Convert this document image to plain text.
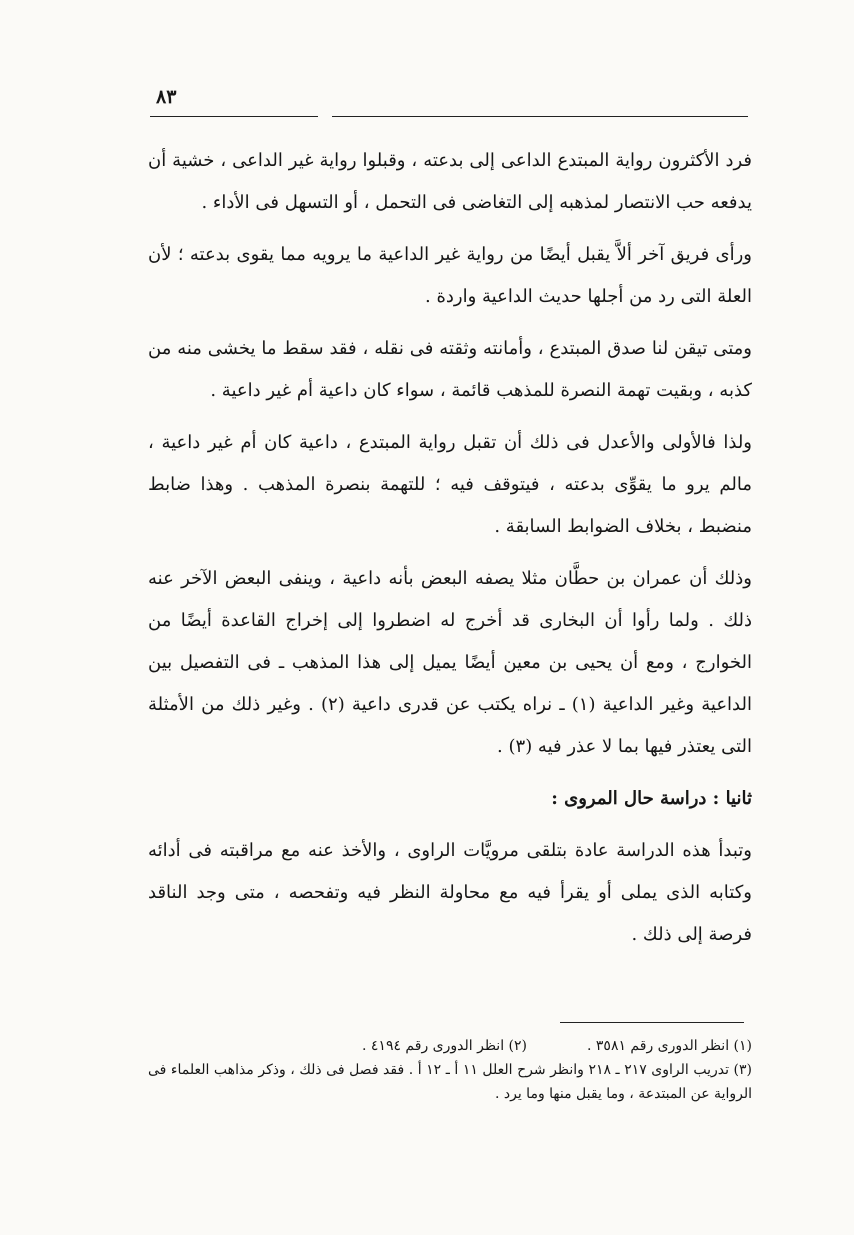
٨٣

فرد الأكثرون رواية المبتدع الداعى إلى بدعته ، وقبلوا رواية غير الداعى ، خشية أن يدفعه حب الانتصار لمذهبه إلى التغاضى فى التحمل ، أو التسهل فى الأداء .

ورأى فريق آخر ألاَّ يقبل أيضًا من رواية غير الداعية ما يرويه مما يقوى بدعته ؛ لأن العلة التى رد من أجلها حديث الداعية واردة .

ومتى تيقن لنا صدق المبتدع ، وأمانته وثقته فى نقله ، فقد سقط ما يخشى منه من كذبه ، وبقيت تهمة النصرة للمذهب قائمة ، سواء كان داعية أم غير داعية .

ولذا فالأولى والأعدل فى ذلك أن تقبل رواية المبتدع ، داعية كان أم غير داعية ، مالم يرو ما يقوِّى بدعته ، فيتوقف فيه ؛ للتهمة بنصرة المذهب . وهذا ضابط منضبط ، بخلاف الضوابط السابقة .

وذلك أن عمران بن حطَّان مثلا يصفه البعض بأنه داعية ، وينفى البعض الآخر عنه ذلك . ولما رأوا أن البخارى قد أخرج له اضطروا إلى إخراج القاعدة أيضًا من الخوارج ، ومع أن يحيى بن معين أيضًا يميل إلى هذا المذهب ـ فى التفصيل بين الداعية وغير الداعية (١) ـ نراه يكتب عن قدرى داعية (٢) . وغير ذلك من الأمثلة التى يعتذر فيها بما لا عذر فيه (٣) .

ثانيا : دراسة حال المروى :

وتبدأ هذه الدراسة عادة بتلقى مرويَّات الراوى ، والأخذ عنه مع مراقبته فى أدائه وكتابه الذى يملى أو يقرأ فيه مع محاولة النظر فيه وتفحصه ، متى وجد الناقد فرصة إلى ذلك .

(١) انظر الدورى رقم ٣٥٨١ .
(٢) انظر الدورى رقم ٤١٩٤ .

(٣) تدريب الراوى ٢١٧ ـ ٢١٨ وانظر شرح العلل ١١ أ ـ ١٢ أ . فقد فصل فى ذلك ، وذكر مذاهب العلماء فى الرواية عن المبتدعة ، وما يقبل منها وما يرد .
